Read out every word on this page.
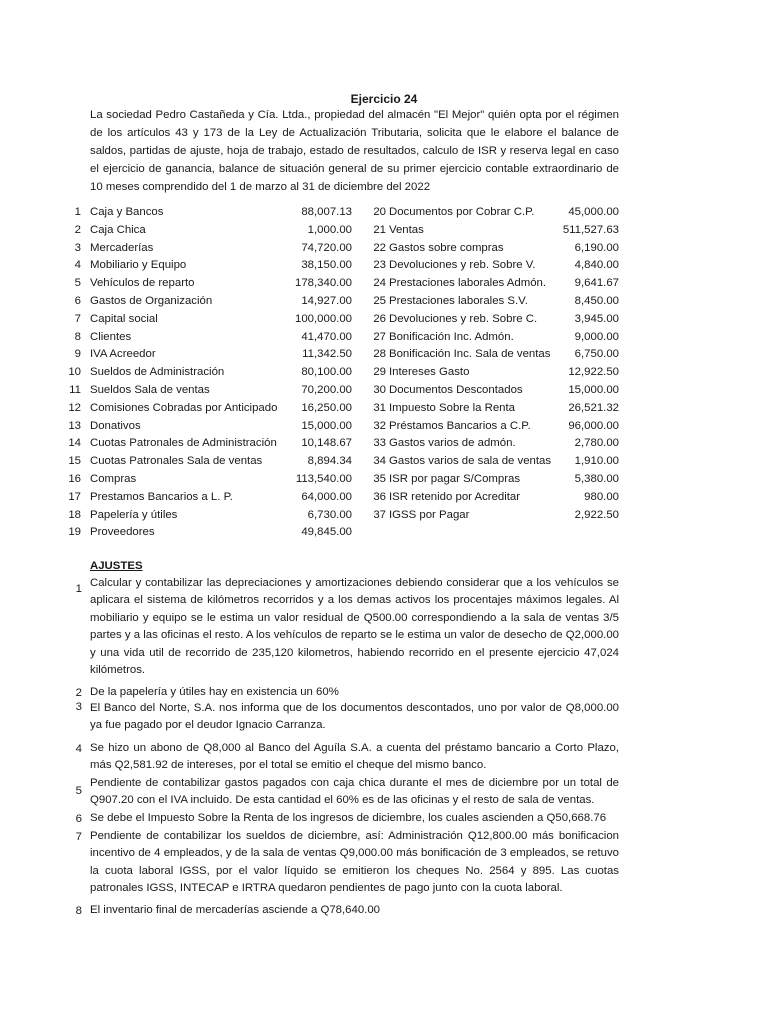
Ejercicio 24

La sociedad Pedro Castañeda y Cía. Ltda., propiedad del almacén "El Mejor" quién opta por el régimen de los artículos 43 y 173 de la Ley de Actualización Tributaria, solicita que le elabore el balance de saldos, partidas de ajuste, hoja de trabajo, estado de resultados, calculo de ISR y reserva legal en caso el ejercicio de ganancia, balance de situación general de su primer ejercicio contable extraordinario de 10 meses comprendido del 1 de marzo al 31 de diciembre del 2022

1 Caja y Bancos	88,007.13
2 Caja Chica	1,000.00
3 Mercaderías	74,720.00
4 Mobiliario y Equipo	38,150.00
5 Vehículos de reparto	178,340.00
6 Gastos de Organización	14,927.00
7 Capital social	100,000.00
8 Clientes	41,470.00
9 IVA Acreedor	11,342.50
10 Sueldos de Administración	80,100.00
11 Sueldos Sala de ventas	70,200.00
12 Comisiones Cobradas por Anticipado	16,250.00
13 Donativos	15,000.00
14 Cuotas Patronales de Administración	10,148.67
15 Cuotas Patronales Sala de ventas	8,894.34
16 Compras	113,540.00
17 Prestamos Bancarios a L. P.	64,000.00
18 Papelería y útiles	6,730.00
19 Proveedores	49,845.00
20 Documentos por Cobrar C.P.	45,000.00
21 Ventas	511,527.63
22 Gastos sobre compras	6,190.00
23 Devoluciones y reb. Sobre V.	4,840.00
24 Prestaciones laborales Admón.	9,641.67
25 Prestaciones laborales S.V.	8,450.00
26 Devoluciones y reb. Sobre C.	3,945.00
27 Bonificación Inc. Admón.	9,000.00
28 Bonificación Inc. Sala de ventas	6,750.00
29 Intereses Gasto	12,922.50
30 Documentos Descontados	15,000.00
31 Impuesto Sobre la Renta	26,521.32
32 Préstamos Bancarios a C.P.	96,000.00
33 Gastos varios de admón.	2,780.00
34 Gastos varios de sala de ventas	1,910.00
35 ISR por pagar S/Compras	5,380.00
36 ISR retenido por Acreditar	980.00
37 IGSS por Pagar	2,922.50
AJUSTES
1 Calcular y contabilizar las depreciaciones y amortizaciones debiendo considerar que a los vehículos se aplicara el sistema de kilómetros recorridos y a los demas activos los procentajes máximos legales. Al mobiliario y equipo se le estima un valor residual de Q500.00 correspondiendo a la sala de ventas 3/5 partes y a las oficinas el resto. A los vehículos de reparto se le estima un valor de desecho de Q2,000.00 y una vida util de recorrido de 235,120 kilometros, habiendo recorrido en el presente ejercicio 47,024 kilómetros.

2 De la papelería y útiles hay en existencia un 60%

3 El Banco del Norte, S.A. nos informa que de los documentos descontados, uno por valor de Q8,000.00 ya fue pagado por el deudor Ignacio Carranza.

4 Se hizo un abono de Q8,000 al Banco del Aguíla S.A. a cuenta del préstamo bancario a Corto Plazo, más Q2,581.92 de intereses, por el total se emitio el cheque del mismo banco.

5

Pendiente de contabilizar gastos pagados con caja chica durante el mes de diciembre por un total de Q907.20 con el IVA incluido. De esta cantidad el 60% es de las oficinas y el resto de sala de ventas.

6 Se debe el Impuesto Sobre la Renta de los ingresos de diciembre, los cuales ascienden a Q50,668.76

7 Pendiente de contabilizar los sueldos de diciembre, así: Administración Q12,800.00 más bonificacion incentivo de 4 empleados, y de la sala de ventas Q9,000.00 más bonificación de 3 empleados, se retuvo la cuota laboral IGSS, por el valor líquido se emitieron los cheques No. 2564 y 895. Las cuotas patronales IGSS, INTECAP e IRTRA quedaron pendientes de pago junto con la cuota laboral.

8 El inventario final de mercaderías asciende a Q78,640.00
